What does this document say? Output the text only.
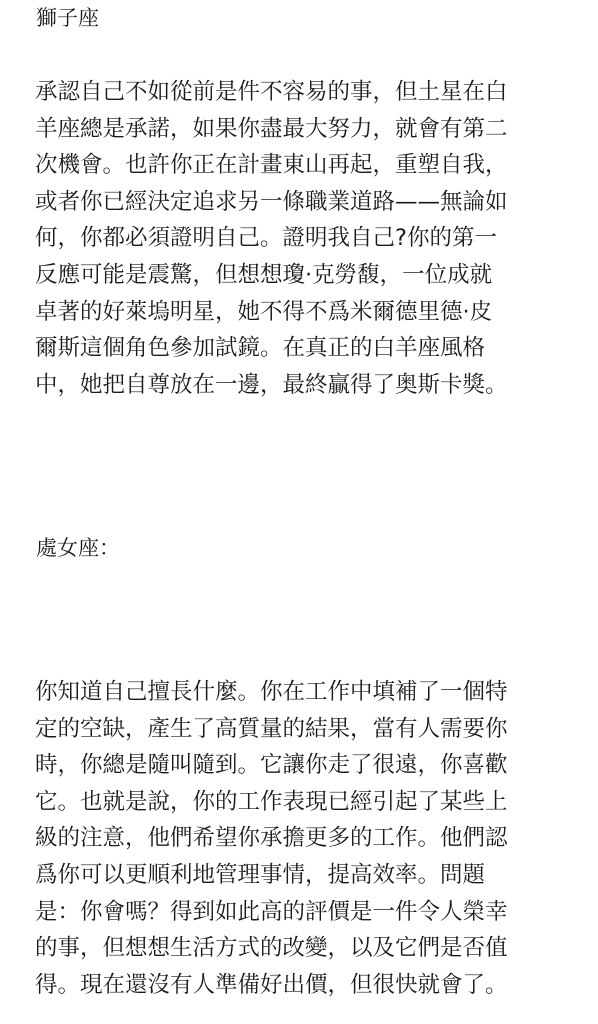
獅子座
承認自己不如從前是件不容易的事，但土星在白
羊座總是承諾，如果你盡最大努力，就會有第二
次機會。也許你正在計畫東山再起，重塑自我，
或者你已經決定追求另一條職業道路——無論如
何，你都必須證明自己。證明我自己?你的第一
反應可能是震驚，但想想瓊·克勞馥，一位成就
卓著的好萊塢明星，她不得不爲米爾德里德·皮
爾斯這個角色參加試鏡。在真正的白羊座風格
中，她把自尊放在一邊，最終贏得了奥斯卡獎。
處女座：
你知道自己擅長什麼。你在工作中填補了一個特
定的空缺，產生了高質量的結果，當有人需要你
時，你總是隨叫隨到。它讓你走了很遠，你喜歡
它。也就是說，你的工作表現已經引起了某些上
級的注意，他們希望你承擔更多的工作。他們認
爲你可以更順利地管理事情，提高效率。問題
是：你會嗎？得到如此高的評價是一件令人榮幸
的事，但想想生活方式的改變，以及它們是否值
得。現在還沒有人準備好出價，但很快就會了。
